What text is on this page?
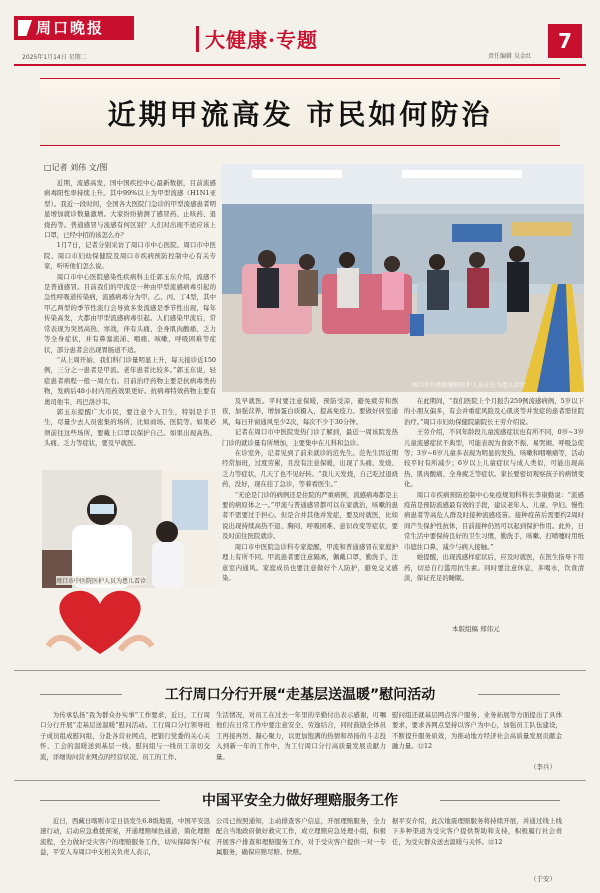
周口晚报
2025年1月14日 星期二
大健康·专题
责任编辑 吴金红
7
近期甲流高发 市民如何防治
□记者 刘伟 文/图

近期，流感高发，国中国疾控中心最新数据，目前流感病毒阳性率持续上升。其中99%以上为甲型流感（H1N1亚型）。我近一段时间，全国各大医院门急诊的甲型流感患者明显增加就诊数量激增。大家纷纷猜测了感冒药、止咳药、退烧药等。普通感冒与流感有何区别？人们对出现不适应该上口罩，已经中招的该怎么办？

1月7日，记者分别采访了周口市中心医院、周口市中医院、周口市妇幼保健院及周口市疾病预防控制中心有关专家，听听他们怎么说。

周口市中心医院感染性疾病科主任郭玉东介绍，流感不是普通感冒。目前我们的甲流是一种由甲型流感病毒引起的急性呼吸道传染病，流感病毒分为甲、乙、丙、丁4型，其中甲乙两型的季节性流行会导致多发流感是季节性出现，每年传染高发，大都由甲型流感病毒引起。人们感染甲流后，常常表现为突然高热、寒战，伴有头痛、全身肌肉酸痛、乏力等全身症状，并有鼻塞流涕、咽痛、咳嗽、呼吸困难等症状，部分患者会出现胃肠道不适。

“从上周开始，我们科门诊量明显上升，每天接诊近150例，三分之一患者是甲流。老年患者比较多。”郭玉东说，轻症患者病程一般一周左右。目前治疗药物主要是抗病毒类药物，发病后48小时内用药效果更好。抗病毒特效药物主要有奥司他韦、玛巴洛沙韦。

郭玉东提醒广大市民，要注意个人卫生，特别是手卫生，尽量少去人员密集的场所，比如商场、医院等。如果必须前往这些场所，要戴上口罩以保护自己。如果出现高热、头痛、乏力等症状，要及早就医。

周口市妇幼保健院医护人员正在为患儿诊疗

及早就医。平时要注意保暖，预防受凉，避免疲劳和熬夜，加强营养，增加蛋白质摄入，提高免疫力。要做好居室通风，每日开窗通风至少2次，每次不少于30分钟。

记者在周口市中医院发热门诊了解到，最近一周该院发热门诊的就诊量有所增加，主要集中在儿科和急诊。

在诊室外，记者见到了前来就诊的范先生。范先生因近期经常加班，过度劳累，且没有注意保暖，出现了头痛、发烧、乏力等症状，几天了也不见好转。“我儿天发烧，自己吃过退烧药，没好，现在挂了急诊，等着看医生。”

“无论是门诊的病例还是住院的严重病例，流感病毒都是主要的病原体之一。”甲流与普通感冒都可以在家就治，咳嗽的患者不需要过于担心。但是合并其他并发症，要及时就医，比如说出现持续高热不退、胸闷、呼吸困难、意识改变等症状，要及时前往医院就诊。

周口市中医院急诊科专家提醒，甲流和普通感冒在家庭护理上有所不同。甲流患者要注意隔离，佩戴口罩，勤洗手，注意室内通风。家庭成员也要注意做好个人防护，避免交叉感染。

在此期间，“我们医院上个月报告259例流感病例，5岁以下的小朋友偏多，有会并重症风险及心肌炎等并发症的患者需住院治疗。”周口市妇幼保健院副院长王劳介绍说。

王劳介绍，不同年龄段儿童流感症状也有所不同，0岁~3岁儿童流感症状不典型，可能表现为食欲不振、易哭闹、呼吸急促等；3岁~6岁儿童多表现为明显的发热、咳嗽和咽喉痛等，活动较平时有所减少；6岁以上儿童症状与成人类似，可能出现高热、肌肉酸痛、全身疲乏等症状。家长要密切观察孩子的病情变化。

周口市疾病预防控制中心免疫规划科科长李康勤说：“流感疫苗是预防流感最有效的手段，建议老年人、儿童、孕妇、慢性病患者等高危人群及时接种流感疫苗。接种疫苗后需要约2周时间产生保护性抗体，目前接种仍然可以起到保护作用。此外，日常生活中要保持良好的卫生习惯，勤洗手，咳嗽、打喷嚏时用纸巾遮住口鼻，减少与病人接触。”

她提醒，出现流感样症状后，应及时就医，在医生指导下用药，切忌自行滥用抗生素。同时要注意休息，多喝水，饮食清淡，保证充足的睡眠。

周口市中医院医护人员为患儿看诊
本版组稿 郑伟元
工行周口分行开展“走基层送温暖”慰问活动

为传承弘扬“我为群众办实事”工作要求，近日，工行周口分行开展“走基层送温暖”慰问活动。工行周口分行领导班子成员组成慰问组，分赴各营业网点，把银行党委的关心关怀、工会的温暖送到基层一线。慰问组与一线员工亲切交流，详细询问营业网点的经营状况、员工的工作、

生活情况，对员工在过去一年里的辛勤付出表示感谢，叮嘱他们在日常工作中要注意安全、劳逸结合，同时鼓励全体员工再接再厉、凝心聚力，以更加饱满的热情和昂扬的斗志投入到新一年的工作中，为工行周口分行高质量发展贡献力量。

慰问组还就基层网点客户服务、业务拓展等方面提出了具体要求，要求各网点坚持以客户为中心，加强员工队伍建设，不断提升服务质效，为推动地方经济社会高质量发展贡献金融力量。⑫12

（李兵）
中国平安全力做好理赔服务工作

近日，西藏日喀则市定日县发生6.8级地震，中国平安迅速行动，启动应急救援预案，开通理赔绿色通道，简化理赔流程，全力做好受灾客户的理赔服务工作，切实保障客户权益，平安人寿周口中支相关负责人表示，

公司已按照通知，主动排查客户信息，开展理赔服务，全力配合当地政府做好救灾工作，成立理赔应急处理小组，积极开展客户排查和理赔服务工作，对于受灾客户提供一对一专属服务，确保应赔尽赔、快赔。

据平安介绍，此次地震理赔服务将持续开展，并通过线上线下多种渠道为受灾客户提供帮助和支持，积极履行社会责任，为受灾群众送去温暖与关怀。⑫12

（于安）
